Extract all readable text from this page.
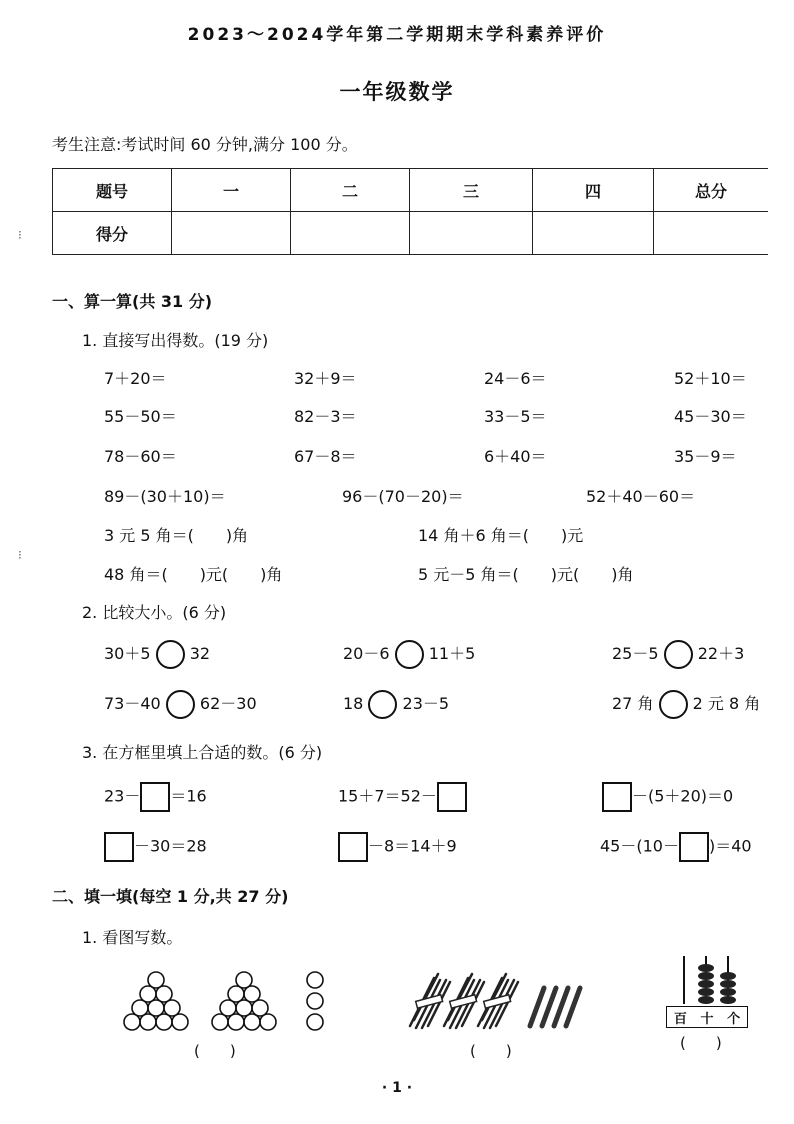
2023～2024学年第二学期期末学科素养评价
一年级数学
考生注意:考试时间 60 分钟,满分 100 分。
题号	一	二	三	四	总分
得分					
⁝
⁝
一、算一算(共 31 分)
1. 直接写出得数。(19 分)
7＋20＝	32＋9＝	24－6＝	52＋10＝
55－50＝	82－3＝	33－5＝	45－30＝
78－60＝	67－8＝	6＋40＝	35－9＝
89－(30＋10)＝	96－(70－20)＝	52＋40－60＝
3 元 5 角＝(　　)角	14 角＋6 角＝(　　)元
48 角＝(　　)元(　　)角	5 元－5 角＝(　　)元(　　)角
2. 比较大小。(6 分)
30＋5 32	20－6 11＋5	25－5 22＋3
73－40 62－30	18 23－5	27 角 2 元 8 角
3. 在方框里填上合适的数。(6 分)
23－ ＝16	15＋7＝52－	－(5＋20)＝0
－30＝28	－8＝14＋9	45－(10－ )＝40
二、填一填(每空 1 分,共 27 分)
1. 看图写数。
(　　)	(　　)
百 十 个
(　　)
· 1 ·
